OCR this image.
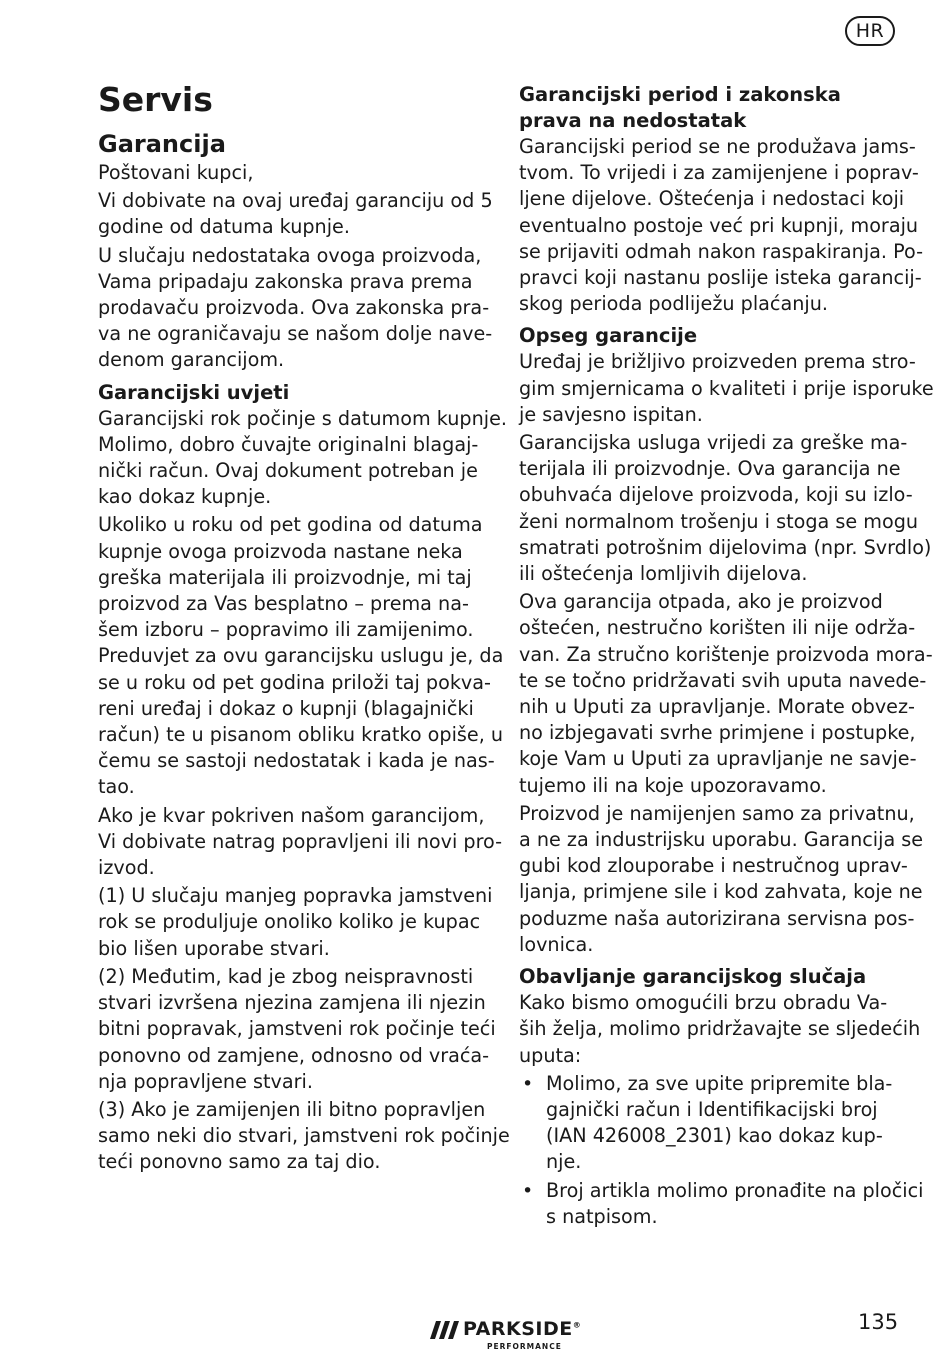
HR
Servis
Garancija
Poštovani kupci,
Vi dobivate na ovaj uređaj garanciju od 5
godine od datuma kupnje.
U slučaju nedostataka ovoga proizvoda,
Vama pripadaju zakonska prava prema
prodavaču proizvoda. Ova zakonska pra-
va ne ograničavaju se našom dolje nave-
denom garancijom.
Garancijski uvjeti
Garancijski rok počinje s datumom kupnje.
Molimo, dobro čuvajte originalni blagaj-
nički račun. Ovaj dokument potreban je
kao dokaz kupnje.
Ukoliko u roku od pet godina od datuma
kupnje ovoga proizvoda nastane neka
greška materijala ili proizvodnje, mi taj
proizvod za Vas besplatno – prema na-
šem izboru – popravimo ili zamijenimo.
Preduvjet za ovu garancijsku uslugu je, da
se u roku od pet godina priloži taj pokva-
reni uređaj i dokaz o kupnji (blagajnički
račun) te u pisanom obliku kratko opiše, u
čemu se sastoji nedostatak i kada je nas-
tao.
Ako je kvar pokriven našom garancijom,
Vi dobivate natrag popravljeni ili novi pro-
izvod.
(1) U slučaju manjeg popravka jamstveni
rok se produljuje onoliko koliko je kupac
bio lišen uporabe stvari.
(2) Međutim, kad je zbog neispravnosti
stvari izvršena njezina zamjena ili njezin
bitni popravak, jamstveni rok počinje teći
ponovno od zamjene, odnosno od vraća-
nja popravljene stvari.
(3) Ako je zamijenjen ili bitno popravljen
samo neki dio stvari, jamstveni rok počinje
teći ponovno samo za taj dio.
Garancijski period i zakonska
prava na nedostatak
Garancijski period se ne produžava jams-
tvom. To vrijedi i za zamijenjene i poprav-
ljene dijelove. Oštećenja i nedostaci koji
eventualno postoje već pri kupnji, moraju
se prijaviti odmah nakon raspakiranja. Po-
pravci koji nastanu poslije isteka garancij-
skog perioda podliježu plaćanju.
Opseg garancije
Uređaj je brižljivo proizveden prema stro-
gim smjernicama o kvaliteti i prije isporuke
je savjesno ispitan.
Garancijska usluga vrijedi za greške ma-
terijala ili proizvodnje. Ova garancija ne
obuhvaća dijelove proizvoda, koji su izlo-
ženi normalnom trošenju i stoga se mogu
smatrati potrošnim dijelovima (npr. Svrdlo)
ili oštećenja lomljivih dijelova.
Ova garancija otpada, ako je proizvod
oštećen, nestručno korišten ili nije održa-
van. Za stručno korištenje proizvoda mora-
te se točno pridržavati svih uputa navede-
nih u Uputi za upravljanje. Morate obvez-
no izbjegavati svrhe primjene i postupke,
koje Vam u Uputi za upravljanje ne savje-
tujemo ili na koje upozoravamo.
Proizvod je namijenjen samo za privatnu,
a ne za industrijsku uporabu. Garancija se
gubi kod zlouporabe i nestručnog uprav-
ljanja, primjene sile i kod zahvata, koje ne
poduzme naša autorizirana servisna pos-
lovnica.
Obavljanje garancijskog slučaja
Kako bismo omogućili brzu obradu Va-
ših želja, molimo pridržavajte se sljedećih
uputa:
• Molimo, za sve upite pripremite bla-
gajnički račun i Identifikacijski broj
(IAN 426008_2301) kao dokaz kup-
nje.
• Broj artikla molimo pronađite na pločici
s natpisom.
PARKSIDE®
PERFORMANCE
135
